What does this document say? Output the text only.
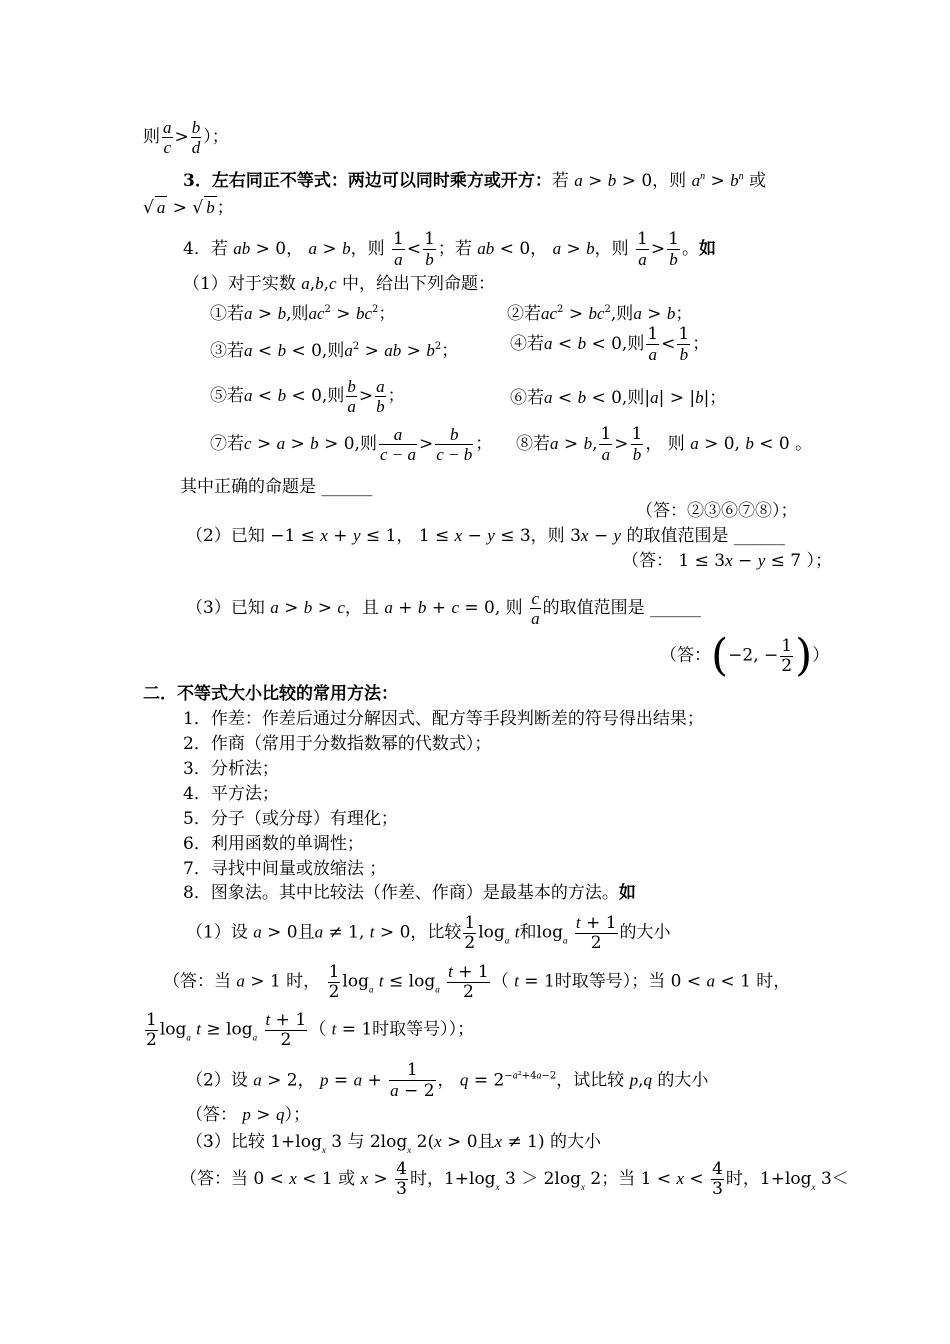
则 $\frac{a}{c} > \frac{b}{d}$ ）；
3．左右同正不等式：两边可以同时乘方或开方：若 a > b > 0，则 $a^n > b^n$ 或
√ a > √ b ；
4．若 ab > 0， a > b，则 $\frac{1}{a} < \frac{1}{b}$ ；若 ab < 0， a > b，则 $\frac{1}{a} > \frac{1}{b}$ 。如
（1）对于实数 a,b,c 中，给出下列命题：
①若a > b,则$ac^2 > bc^2$；	②若$ac^2 > bc^2$,则a > b；
③若a < b < 0,则$a^2$ > ab > $b^2$；	④若a < b < 0,则 $\frac{1}{a} < \frac{1}{b}$ ；
⑤若a < b < 0,则 $\frac{b}{a} > \frac{a}{b}$ ；	⑥若a < b < 0,则|a| > |b|；
⑦若c > a > b > 0,则 $\frac{a}{c - a} > \frac{b}{c - b}$ ； ⑧若a > b, $\frac{1}{a} > \frac{1}{b}$ ， 则 a > 0, b < 0 。
其中正确的命题是 ______
（答：②③⑥⑦⑧）；
（2）已知 −1 ≤ x + y ≤ 1， 1 ≤ x − y ≤ 3，则 3x − y 的取值范围是 ______
（答： 1 ≤ 3x − y ≤ 7 ）；
（3）已知 a > b > c，且 a + b + c = 0, 则 $\frac{c}{a}$ 的取值范围是 ______
（答：(−2, − $\frac{1}{2}$ )）
二．不等式大小比较的常用方法：
1．作差：作差后通过分解因式、配方等手段判断差的符号得出结果；
2．作商（常用于分数指数幂的代数式）；
3．分析法；
4．平方法；
5．分子（或分母）有理化；
6．利用函数的单调性；
7．寻找中间量或放缩法 ；
8．图象法。其中比较法（作差、作商）是最基本的方法。如
（1）设 a > 0且a ≠ 1, t > 0，比较 $\frac{1}{2} \log_a t$和$\log_a \frac{t + 1}{2}$ 的大小
（答：当 a > 1 时， $\frac{1}{2} \log_a t \le \log_a \frac{t + 1}{2}$ （ t = 1时取等号）；当 0 < a < 1 时，
$\frac{1}{2} \log_a t \ge \log_a \frac{t + 1}{2}$ （ t = 1时取等号））；
（2）设 a > 2， $p = a + \frac{1}{a - 2}$ ， $q = 2^{-a^2+4a-2}$，试比较 p,q 的大小
（答： p > q）；
（3）比较 $1+\log_x$ 3 与 $2\log_x$ 2(x > 0且x ≠ 1) 的大小
（答：当 0 < x < 1 或 $x > \frac{4}{3}$ 时，$1+\log_x$ $3 > 2\log_x$ 2；当 $1 < x < \frac{4}{3}$ 时，$1+\log_x$ 3＜
